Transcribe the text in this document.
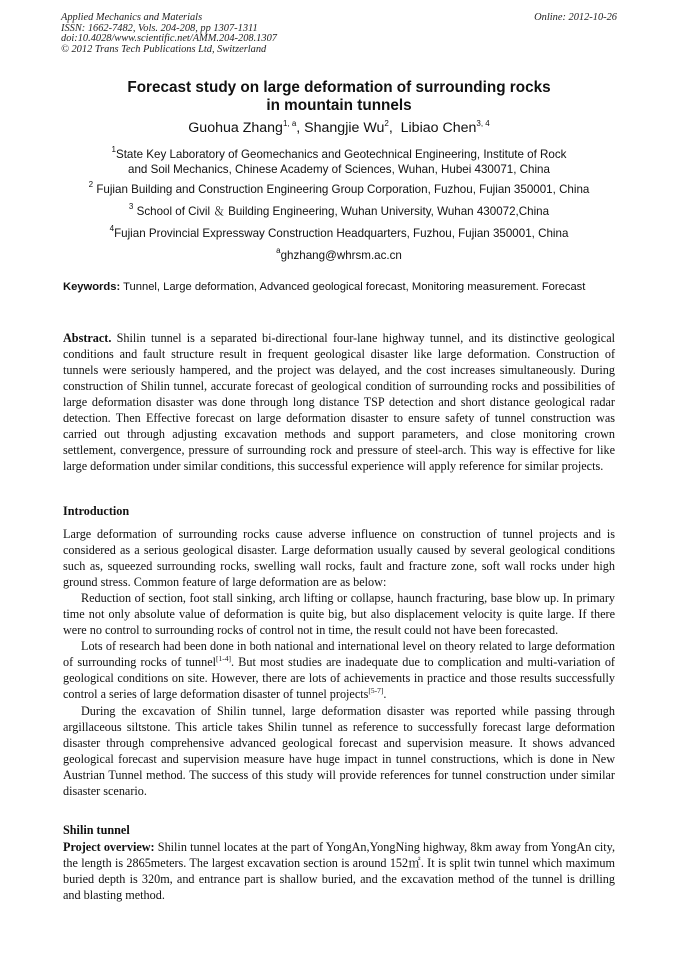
Applied Mechanics and Materials
ISSN: 1662-7482, Vols. 204-208, pp 1307-1311
doi:10.4028/www.scientific.net/AMM.204-208.1307
© 2012 Trans Tech Publications Ltd, Switzerland
Online: 2012-10-26
Forecast study on large deformation of surrounding rocks
in mountain tunnels
Guohua Zhang$^{1, a}$, Shangjie Wu$^2$,  Libiao Chen$^{3, 4}$
$^1$State Key Laboratory of Geomechanics and Geotechnical Engineering, Institute of Rock
and Soil Mechanics, Chinese Academy of Sciences, Wuhan, Hubei 430071, China
$^2$ Fujian Building and Construction Engineering Group Corporation, Fuzhou, Fujian 350001, China
$^3$ School of Civil ＆ Building Engineering, Wuhan University, Wuhan 430072,China
$^4$Fujian Provincial Expressway Construction Headquarters, Fuzhou, Fujian 350001, China
$^a$ghzhang@whrsm.ac.cn
Keywords: Tunnel, Large deformation, Advanced geological forecast, Monitoring measurement. Forecast

Abstract. Shilin tunnel is a separated bi-directional four-lane highway tunnel, and its distinctive geological conditions and fault structure result in frequent geological disaster like large deformation. Construction of tunnels were seriously hampered, and the project was delayed, and the cost increases simultaneously. During construction of Shilin tunnel, accurate forecast of geological condition of surrounding rocks and possibilities of large deformation disaster was done through long distance TSP detection and short distance geological radar detection. Then Effective forecast on large deformation disaster to ensure safety of tunnel construction was carried out through adjusting excavation methods and support parameters, and close monitoring crown settlement, convergence, pressure of surrounding rock and pressure of steel-arch. This way is effective for like large deformation under similar conditions, this successful experience will apply reference for similar projects.

Introduction

Large deformation of surrounding rocks cause adverse influence on construction of tunnel projects and is considered as a serious geological disaster. Large deformation usually caused by several geological conditions such as, squeezed surrounding rocks, swelling wall rocks, fault and fracture zone, soft wall rocks under high ground stress. Common feature of large deformation are as below:

Reduction of section, foot stall sinking, arch lifting or collapse, haunch fracturing, base blow up. In primary time not only absolute value of deformation is quite big, but also displacement velocity is quite large. If there were no control to surrounding rocks of control not in time, the result could not have been forecasted.

Lots of research had been done in both national and international level on theory related to large deformation of surrounding rocks of tunnel[1-4]. But most studies are inadequate due to complication and multi-variation of geological conditions on site. However, there are lots of achievements in practice and those results successfully control a series of large deformation disaster of tunnel projects[5-7].

During the excavation of Shilin tunnel, large deformation disaster was reported while passing through argillaceous siltstone. This article takes Shilin tunnel as reference to successfully forecast large deformation disaster through comprehensive advanced geological forecast and supervision measure. It shows advanced geological forecast and supervision measure have huge impact in tunnel constructions, which is done in New Austrian Tunnel method. The success of this study will provide references for tunnel construction under similar disaster scenario.

Shilin tunnel

Project overview: Shilin tunnel locates at the part of YongAn,YongNing highway, 8km away from YongAn city, the length is 2865meters. The largest excavation section is around 152㎡. It is split twin tunnel which maximum buried depth is 320m, and entrance part is shallow buried, and the excavation method of the tunnel is drilling and blasting method.
